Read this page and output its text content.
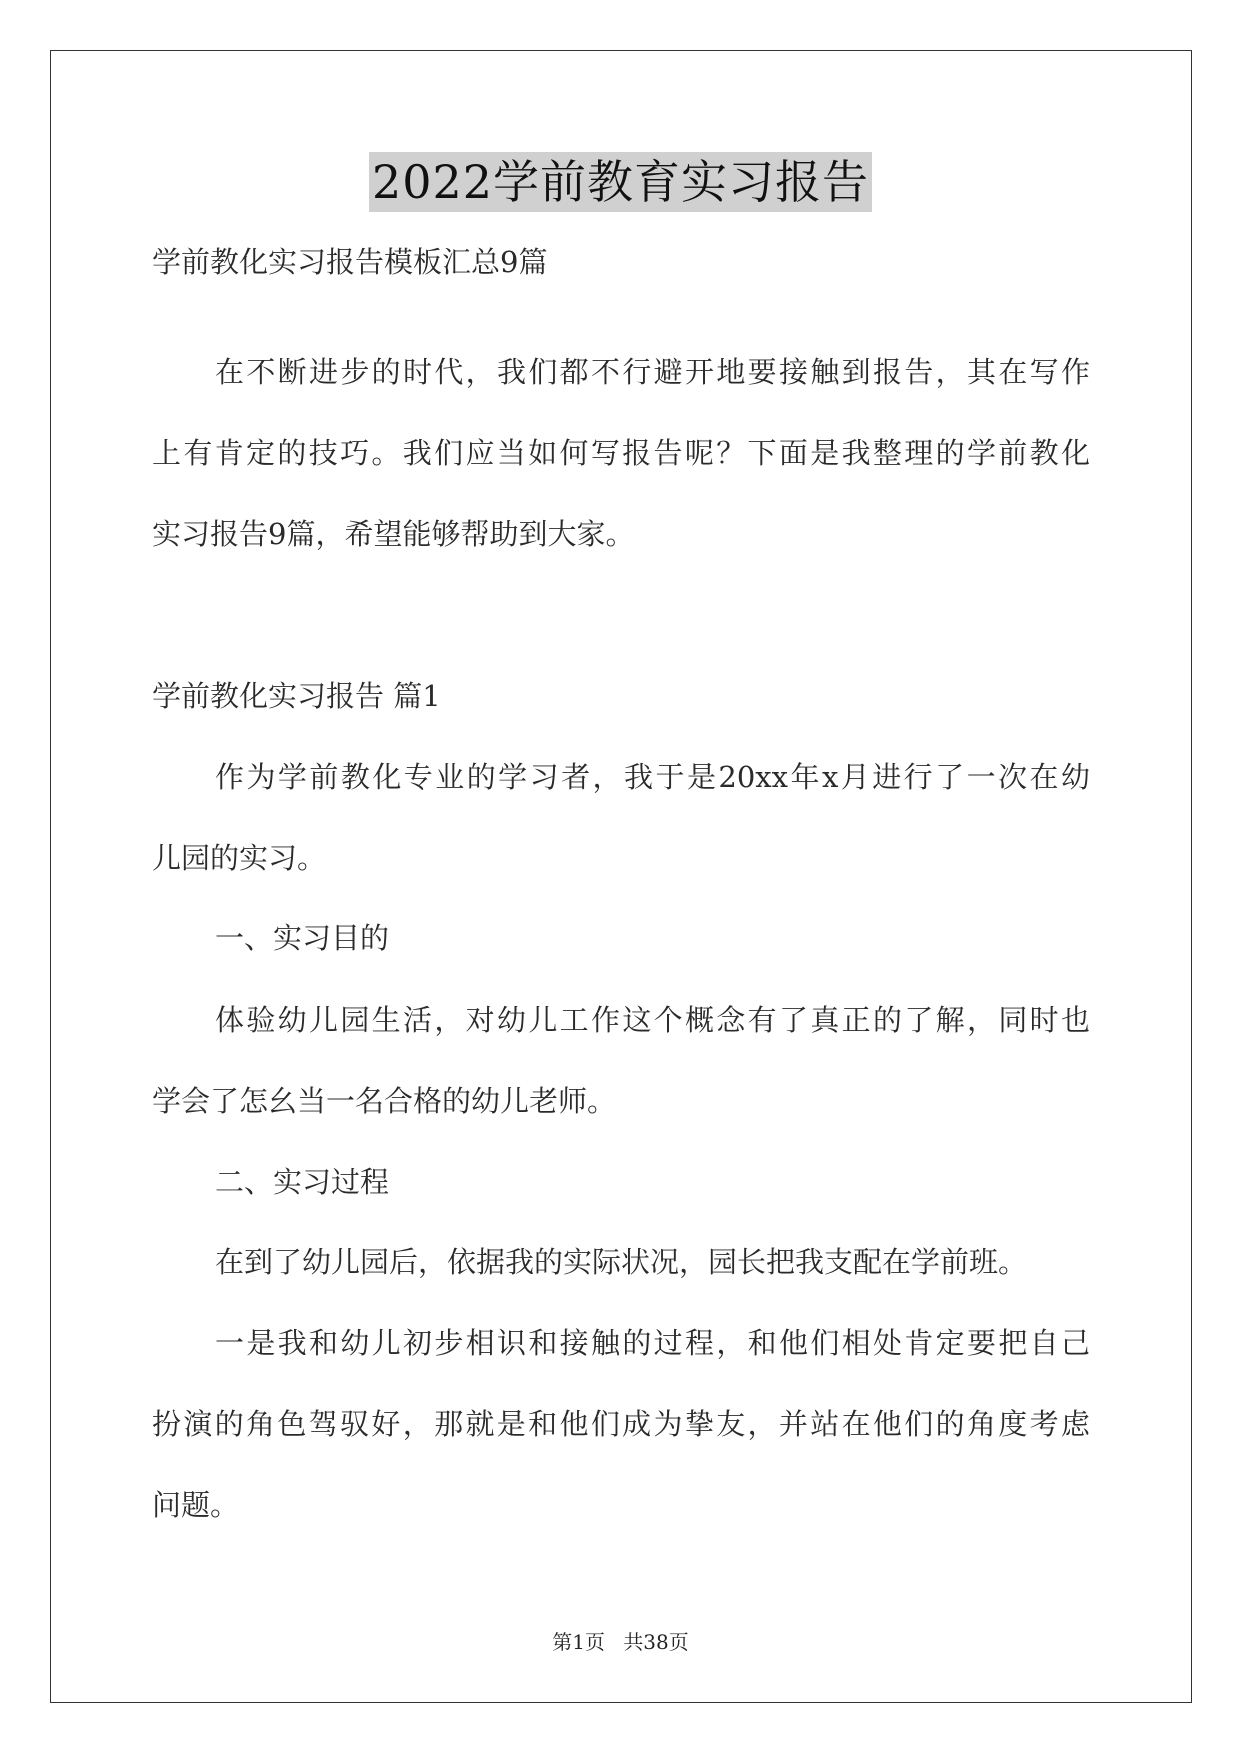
2022学前教育实习报告
学前教化实习报告模板汇总9篇
在不断进步的时代，我们都不行避开地要接触到报告，其在写作
上有肯定的技巧。我们应当如何写报告呢？下面是我整理的学前教化
实习报告9篇，希望能够帮助到大家。
学前教化实习报告 篇1
作为学前教化专业的学习者，我于是20xx年x月进行了一次在幼
儿园的实习。
一、实习目的
体验幼儿园生活，对幼儿工作这个概念有了真正的了解，同时也
学会了怎幺当一名合格的幼儿老师。
二、实习过程
在到了幼儿园后，依据我的实际状况，园长把我支配在学前班。
一是我和幼儿初步相识和接触的过程，和他们相处肯定要把自己
扮演的角色驾驭好，那就是和他们成为挚友，并站在他们的角度考虑
问题。
第1页 共38页
